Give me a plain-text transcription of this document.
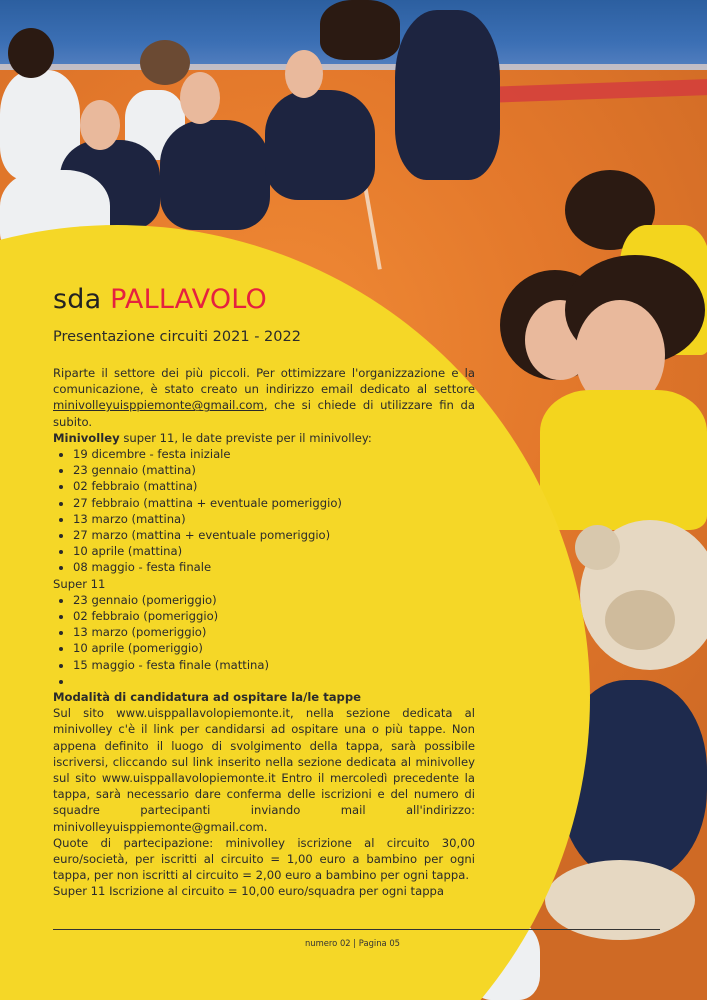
sda PALLAVOLO
Presentazione circuiti 2021 - 2022

Riparte il settore dei più piccoli. Per ottimizzare l'organizzazione e la comunicazione, è stato creato un indirizzo email dedicato al settore minivolleyuisppiemonte@gmail.com, che si chiede di utilizzare fin da subito.

Minivolley super 11, le date previste per il minivolley:

• 19 dicembre - festa iniziale
• 23 gennaio (mattina)
• 02 febbraio (mattina)
• 27 febbraio (mattina + eventuale pomeriggio)
• 13 marzo (mattina)
• 27 marzo (mattina + eventuale pomeriggio)
• 10 aprile (mattina)
• 08 maggio - festa finale

Super 11

• 23 gennaio (pomeriggio)
• 02 febbraio (pomeriggio)
• 13 marzo (pomeriggio)
• 10 aprile (pomeriggio)
• 15 maggio - festa finale (mattina)
•

Modalità di candidatura ad ospitare la/le tappe

Sul sito www.uisppallavolopiemonte.it, nella sezione dedicata al minivolley c'è il link per candidarsi ad ospitare una o più tappe. Non appena definito il luogo di svolgimento della tappa, sarà possibile iscriversi, cliccando sul link inserito nella sezione dedicata al minivolley sul sito www.uisppallavolopiemonte.it Entro il mercoledì precedente la tappa, sarà necessario dare conferma delle iscrizioni e del numero di squadre partecipanti inviando mail all'indirizzo: minivolleyuisppiemonte@gmail.com.

Quote di partecipazione: minivolley iscrizione al circuito 30,00 euro/società, per iscritti al circuito = 1,00 euro a bambino per ogni tappa, per non iscritti al circuito = 2,00 euro a bambino per ogni tappa.

Super 11 Iscrizione al circuito = 10,00 euro/squadra per ogni tappa

numero 02 | Pagina 05
